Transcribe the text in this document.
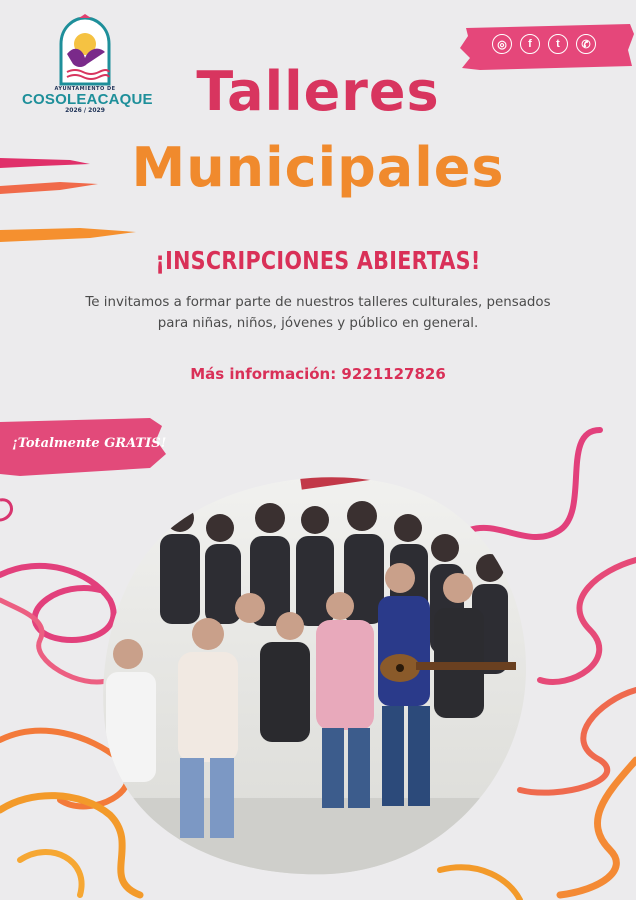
AYUNTAMIENTO DE
COSOLEACAQUE
2026 / 2029
◎	f	t	✆
Talleres
Municipales
¡INSCRIPCIONES ABIERTAS!
Te invitamos a formar parte de nuestros talleres culturales, pensados para niñas, niños, jóvenes y público en general.
Más información: 9221127826
¡Totalmente GRATIS!
